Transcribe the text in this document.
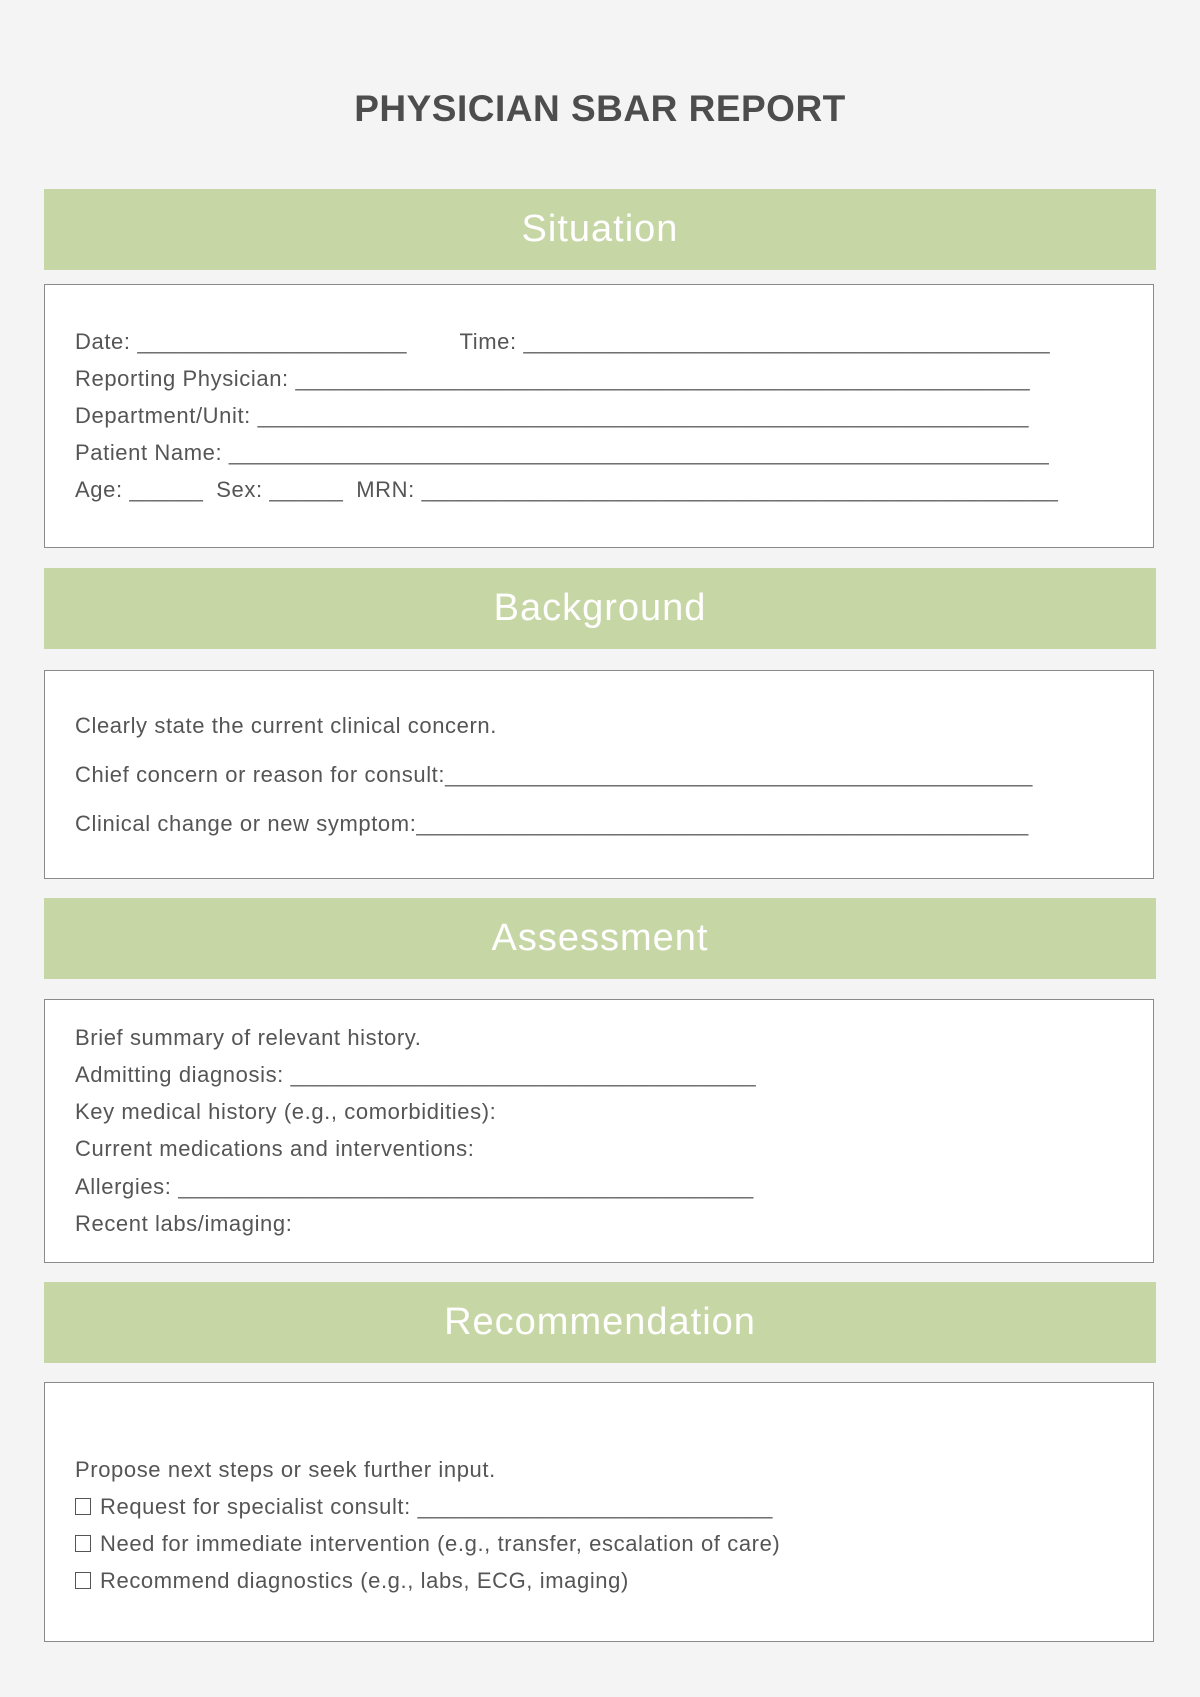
PHYSICIAN SBAR REPORT
Situation
Date: ______________________ Time: ___________________________________________
Reporting Physician: ____________________________________________________________
Department/Unit: _______________________________________________________________
Patient Name: ___________________________________________________________________
Age: ______ Sex: ______ MRN: ____________________________________________________
Background
Clearly state the current clinical concern.
Chief concern or reason for consult:________________________________________________
Clinical change or new symptom:__________________________________________________
Assessment
Brief summary of relevant history.
Admitting diagnosis: ______________________________________
Key medical history (e.g., comorbidities):
Current medications and interventions:
Allergies: _______________________________________________
Recent labs/imaging:
Recommendation
Propose next steps or seek further input.
Request for specialist consult: _____________________________
Need for immediate intervention (e.g., transfer, escalation of care)
Recommend diagnostics (e.g., labs, ECG, imaging)
